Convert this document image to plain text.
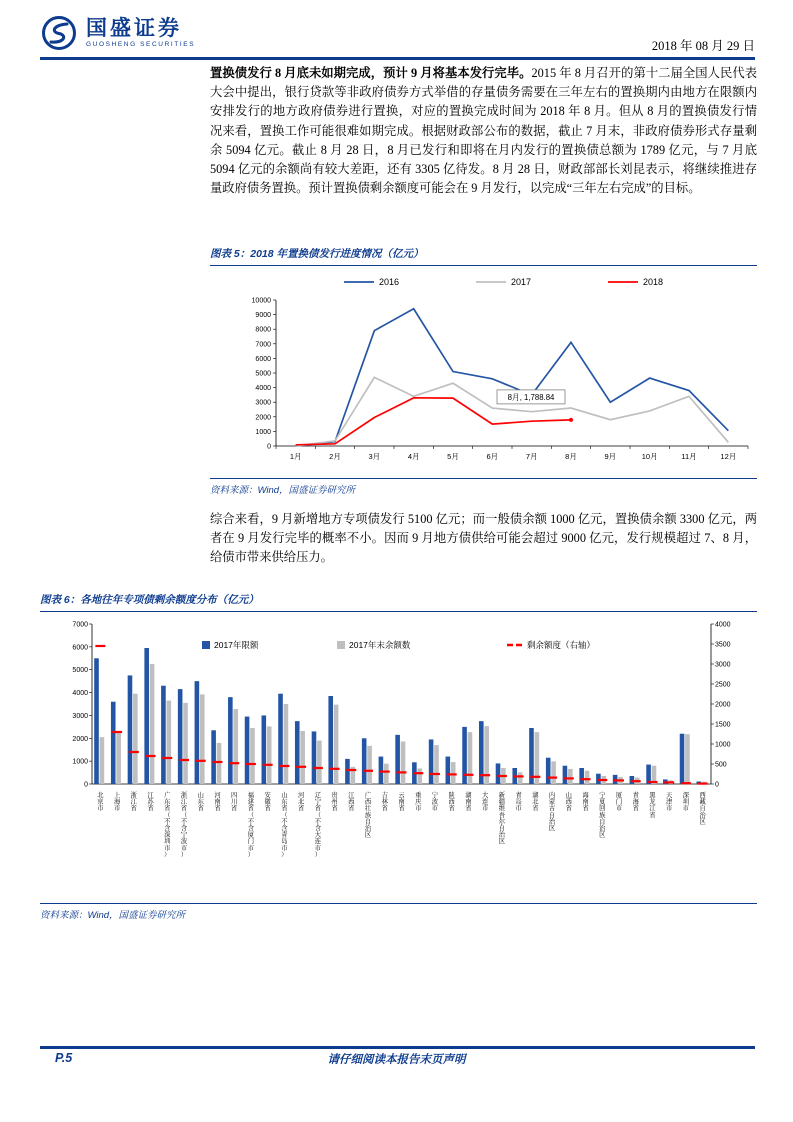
国盛证券
GUOSHENG SECURITIES	2018 年 08 月 29 日
置换债发行 8 月底未如期完成，预计 9 月将基本发行完毕。2015 年 8 月召开的第十二届全国人民代表大会中提出，银行贷款等非政府债券方式举借的存量债务需要在三年左右的置换期内由地方在限额内安排发行的地方政府债券进行置换，对应的置换完成时间为 2018 年 8 月。但从 8 月的置换债发行情况来看，置换工作可能很难如期完成。根据财政部公布的数据，截止 7 月末，非政府债券形式存量剩余 5094 亿元。截止 8 月 28 日，8 月已发行和即将在月内发行的置换债总额为 1789 亿元，与 7 月底 5094 亿元的余额尚有较大差距，还有 3305 亿待发。8 月 28 日，财政部部长刘昆表示，将继续推进存量政府债务置换。预计置换债剩余额度可能会在 9 月发行，以完成“三年左右完成”的目标。
图表 5：2018 年置换债发行进度情况（亿元）
0
1000
2000
3000
4000
5000
6000
7000
8000
9000
10000
1月	2月	3月	4月	5月	6月	7月	8月	9月	10月	11月	12月
2016	2017	2018
8月, 1,788.84
资料来源：Wind，国盛证券研究所
综合来看，9 月新增地方专项债发行 5100 亿元；而一般债余额 1000 亿元，置换债余额 3300 亿元，两者在 9 月发行完毕的概率不小。因而 9 月地方债供给可能会超过 9000 亿元，发行规模超过 7、8 月，给债市带来供给压力。
图表 6：各地往年专项债剩余额度分布（亿元）
0
1000
2000
3000
4000
5000
6000
7000
0
500
1000
1500
2000
2500
3000
3500
4000
北京市
上海市
浙江省
江苏省
广东省（不含深圳市）
浙江省（不含宁波市）
山东省
河南省
四川省
福建省（不含厦门市）
安徽省
山东省（不含青岛市）
河北省
辽宁省（不含大连市）
贵州省
江西省
广西壮族自治区
吉林省
云南省
重庆市
宁波市
陕西省
湖南省
大连市
新疆维吾尔自治区
青岛市
湖北省
内蒙古自治区
山西省
海南省
宁夏回族自治区
厦门市
青海省
黑龙江省
天津市
深圳市
西藏自治区
2017年限额	2017年末余额数	剩余额度（右轴）
资料来源：Wind，国盛证券研究所
P.5	请仔细阅读本报告末页声明
